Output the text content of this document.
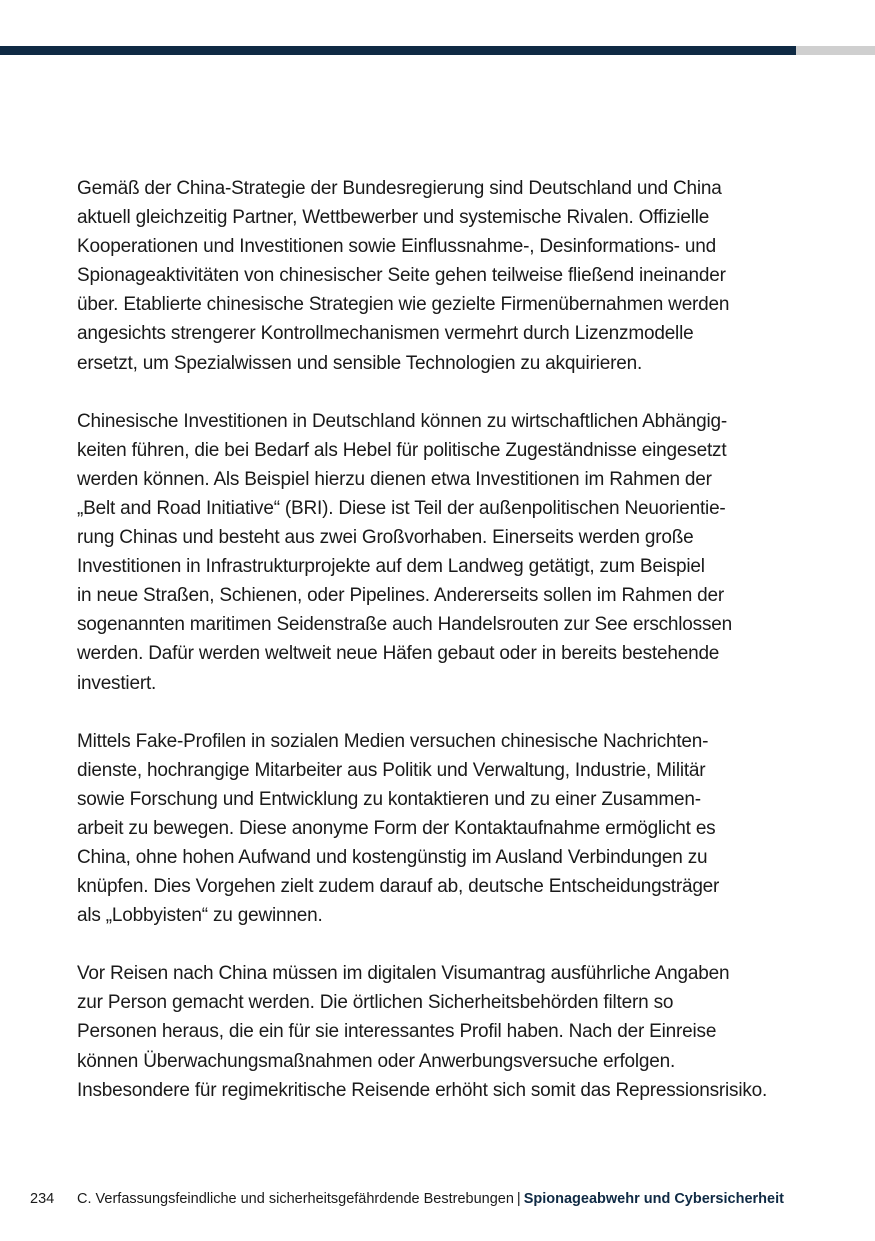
Gemäß der China-Strategie der Bundesregierung sind Deutschland und China
aktuell gleichzeitig Partner, Wettbewerber und systemische Rivalen. Offizielle
Kooperationen und Investitionen sowie Einflussnahme-, Desinformations- und
Spionageaktivitäten von chinesischer Seite gehen teilweise fließend ineinander
über. Etablierte chinesische Strategien wie gezielte Firmenübernahmen werden
angesichts strengerer Kontrollmechanismen vermehrt durch Lizenzmodelle
ersetzt, um Spezialwissen und sensible Technologien zu akquirieren.

Chinesische Investitionen in Deutschland können zu wirtschaftlichen Abhängig-
keiten führen, die bei Bedarf als Hebel für politische Zugeständnisse eingesetzt
werden können. Als Beispiel hierzu dienen etwa Investitionen im Rahmen der
„Belt and Road Initiative“ (BRI). Diese ist Teil der außenpolitischen Neuorientie-
rung Chinas und besteht aus zwei Großvorhaben. Einerseits werden große
Investitionen in Infrastrukturprojekte auf dem Landweg getätigt, zum Beispiel
in neue Straßen, Schienen, oder Pipelines. Andererseits sollen im Rahmen der
sogenannten maritimen Seidenstraße auch Handelsrouten zur See erschlossen
werden. Dafür werden weltweit neue Häfen gebaut oder in bereits bestehende
investiert.

Mittels Fake-Profilen in sozialen Medien versuchen chinesische Nachrichten-
dienste, hochrangige Mitarbeiter aus Politik und Verwaltung, Industrie, Militär
sowie Forschung und Entwicklung zu kontaktieren und zu einer Zusammen-
arbeit zu bewegen. Diese anonyme Form der Kontaktaufnahme ermöglicht es
China, ohne hohen Aufwand und kostengünstig im Ausland Verbindungen zu
knüpfen. Dies Vorgehen zielt zudem darauf ab, deutsche Entscheidungsträger
als „Lobbyisten“ zu gewinnen.

Vor Reisen nach China müssen im digitalen Visumantrag ausführliche Angaben
zur Person gemacht werden. Die örtlichen Sicherheitsbehörden filtern so
Personen heraus, die ein für sie interessantes Profil haben. Nach der Einreise
können Überwachungsmaßnahmen oder Anwerbungsversuche erfolgen.
Insbesondere für regimekritische Reisende erhöht sich somit das Repressionsrisiko.

234 C. Verfassungsfeindliche und sicherheitsgefährdende Bestrebungen | Spionageabwehr und Cybersicherheit
